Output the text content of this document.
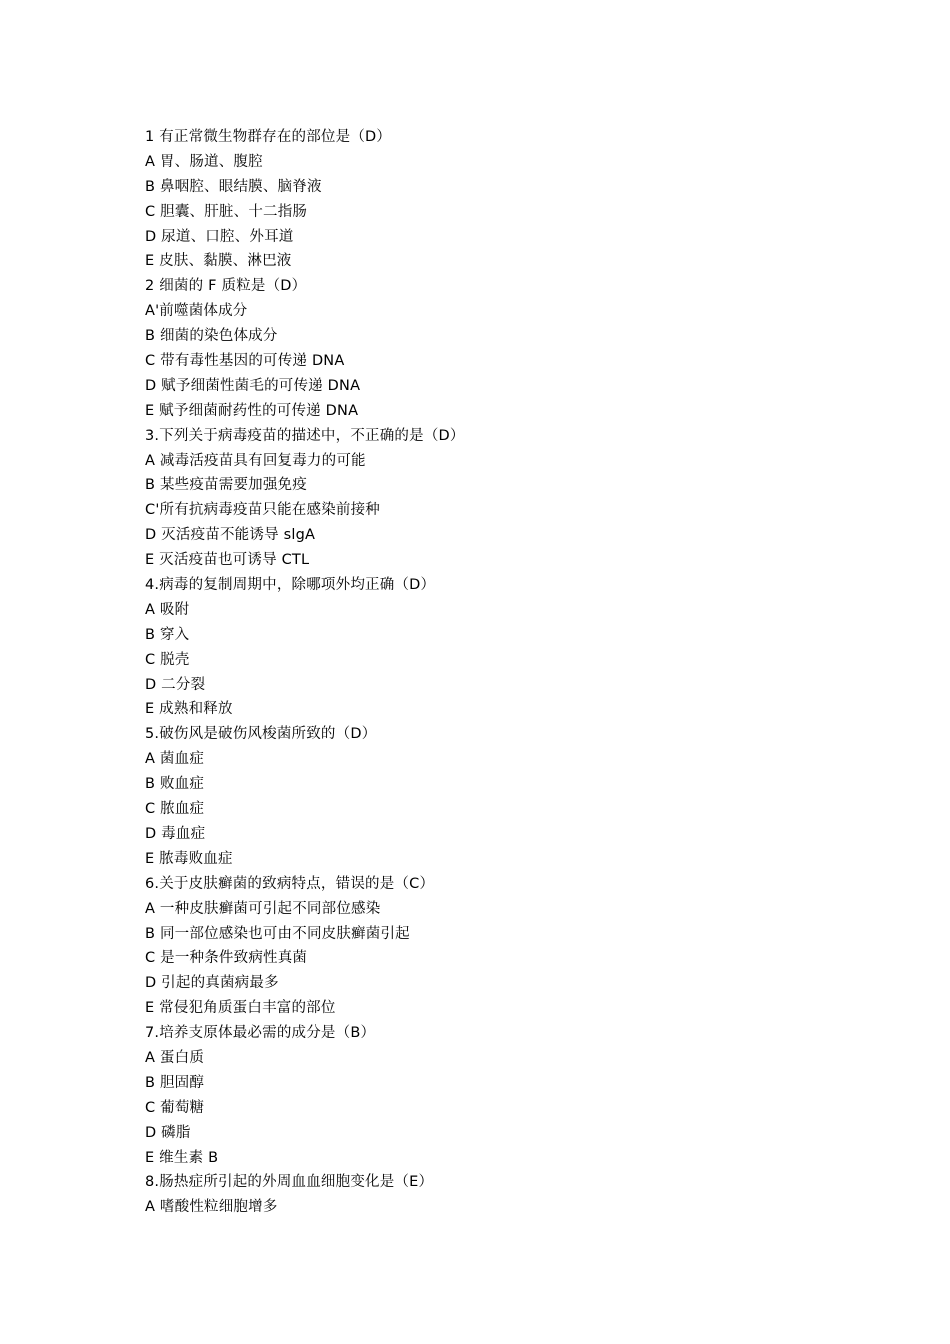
1 有正常微生物群存在的部位是（D）
A 胃、肠道、腹腔
B 鼻咽腔、眼结膜、脑脊液
C 胆囊、肝脏、十二指肠
D 尿道、口腔、外耳道
E 皮肤、黏膜、淋巴液
2 细菌的 F 质粒是（D）
A'前噬菌体成分
B 细菌的染色体成分
C 带有毒性基因的可传递 DNA
D 赋予细菌性菌毛的可传递 DNA
E 赋予细菌耐药性的可传递 DNA
3.下列关于病毒疫苗的描述中，不正确的是（D）
A 减毒活疫苗具有回复毒力的可能
B 某些疫苗需要加强免疫
C'所有抗病毒疫苗只能在感染前接种
D 灭活疫苗不能诱导 slgA
E 灭活疫苗也可诱导 CTL
4.病毒的复制周期中，除哪项外均正确（D）
A 吸附
B 穿入
C 脱壳
D 二分裂
E 成熟和释放
5.破伤风是破伤风梭菌所致的（D）
A 菌血症
B 败血症
C 脓血症
D 毒血症
E 脓毒败血症
6.关于皮肤癣菌的致病特点，错误的是（C）
A 一种皮肤癣菌可引起不同部位感染
B 同一部位感染也可由不同皮肤癣菌引起
C 是一种条件致病性真菌
D 引起的真菌病最多
E 常侵犯角质蛋白丰富的部位
7.培养支原体最必需的成分是（B）
A 蛋白质
B 胆固醇
C 葡萄糖
D 磷脂
E 维生素 B
8.肠热症所引起的外周血血细胞变化是（E）
A 嗜酸性粒细胞增多
